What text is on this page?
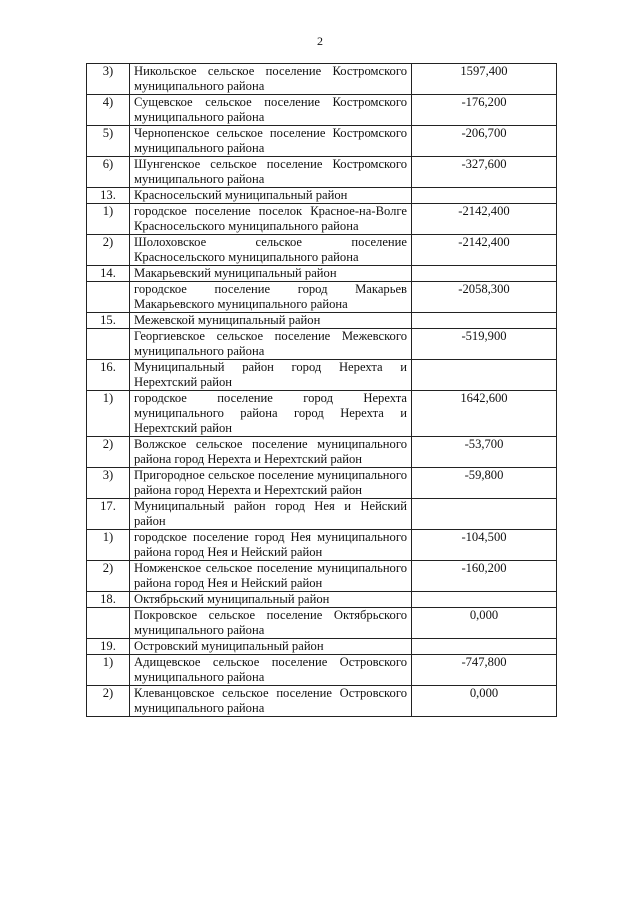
2
3)	Никольское сельское поселение Костромского муниципального района	1597,400
4)	Сущевское сельское поселение Костромского муниципального района	-176,200
5)	Чернопенское сельское поселение Костромского муниципального района	-206,700
6)	Шунгенское сельское поселение Костромского муниципального района	-327,600
13.	Красносельский муниципальный район	
1)	городское поселение поселок Красное-на-Волге Красносельского муниципального района	-2142,400
2)	Шолоховское сельское поселение Красносельского муниципального района	-2142,400
14.	Макарьевский муниципальный район	
	городское поселение город Макарьев Макарьевского муниципального района	-2058,300
15.	Межевской муниципальный район	
	Георгиевское сельское поселение Межевского муниципального района	-519,900
16.	Муниципальный район город Нерехта и Нерехтский район	
1)	городское поселение город Нерехта муниципального района город Нерехта и Нерехтский район	1642,600
2)	Волжское сельское поселение муниципального района город Нерехта и Нерехтский район	-53,700
3)	Пригородное сельское поселение муниципального района город Нерехта и Нерехтский район	-59,800
17.	Муниципальный район город Нея и Нейский район	
1)	городское поселение город Нея муниципального района город Нея и Нейский район	-104,500
2)	Номженское сельское поселение муниципального района город Нея и Нейский район	-160,200
18.	Октябрьский муниципальный район	
	Покровское сельское поселение Октябрьского муниципального района	0,000
19.	Островский муниципальный район	
1)	Адищевское сельское поселение Островского муниципального района	-747,800
2)	Клеванцовское сельское поселение Островского муниципального района	0,000
